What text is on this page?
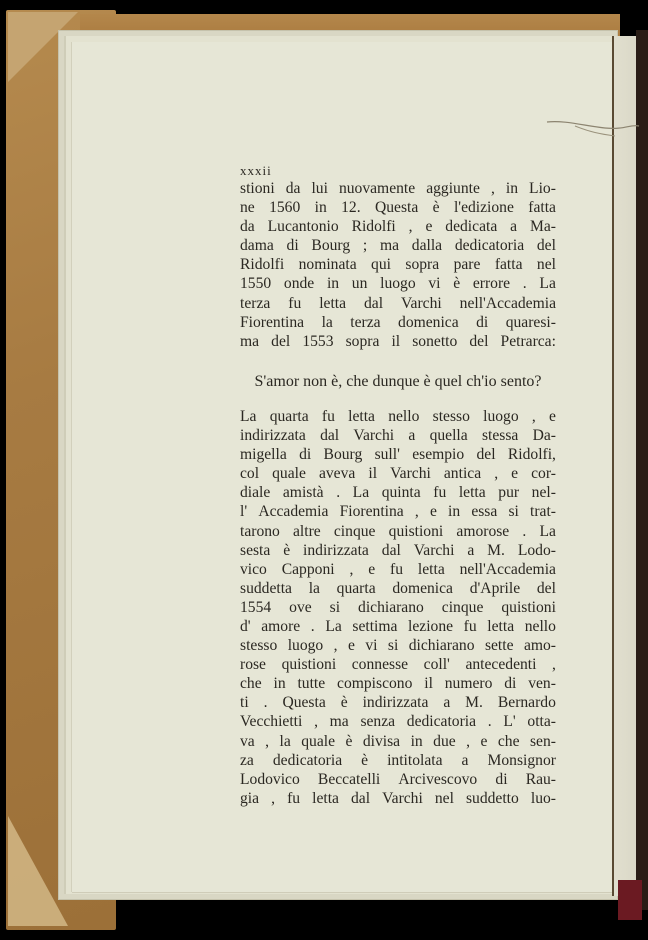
xxxii
stioni da lui nuovamente aggiunte , in Lio-
ne 1560 in 12. Questa è l'edizione fatta
da Lucantonio Ridolfi , e dedicata a Ma-
dama di Bourg ; ma dalla dedicatoria del
Ridolfi nominata qui sopra pare fatta nel
1550 onde in un luogo vi è errore . La
terza fu letta dal Varchi nell'Accademia
Fiorentina la terza domenica di quaresi-
ma del 1553 sopra il sonetto del Petrarca:
S'amor non è, che dunque è quel ch'io sento?
La quarta fu letta nello stesso luogo , e
indirizzata dal Varchi a quella stessa Da-
migella di Bourg sull' esempio del Ridolfi,
col quale aveva il Varchi antica , e cor-
diale amistà . La quinta fu letta pur nel-
l' Accademia Fiorentina , e in essa si trat-
tarono altre cinque quistioni amorose . La
sesta è indirizzata dal Varchi a M. Lodo-
vico Capponi , e fu letta nell'Accademia
suddetta la quarta domenica d'Aprile del
1554 ove si dichiarano cinque quistioni
d' amore . La settima lezione fu letta nello
stesso luogo , e vi si dichiarano sette amo-
rose quistioni connesse coll' antecedenti ,
che in tutte compiscono il numero di ven-
ti . Questa è indirizzata a M. Bernardo
Vecchietti , ma senza dedicatoria . L' otta-
va , la quale è divisa in due , e che sen-
za dedicatoria è intitolata a Monsignor
Lodovico Beccatelli Arcivescovo di Rau-
gia , fu letta dal Varchi nel suddetto luo-
